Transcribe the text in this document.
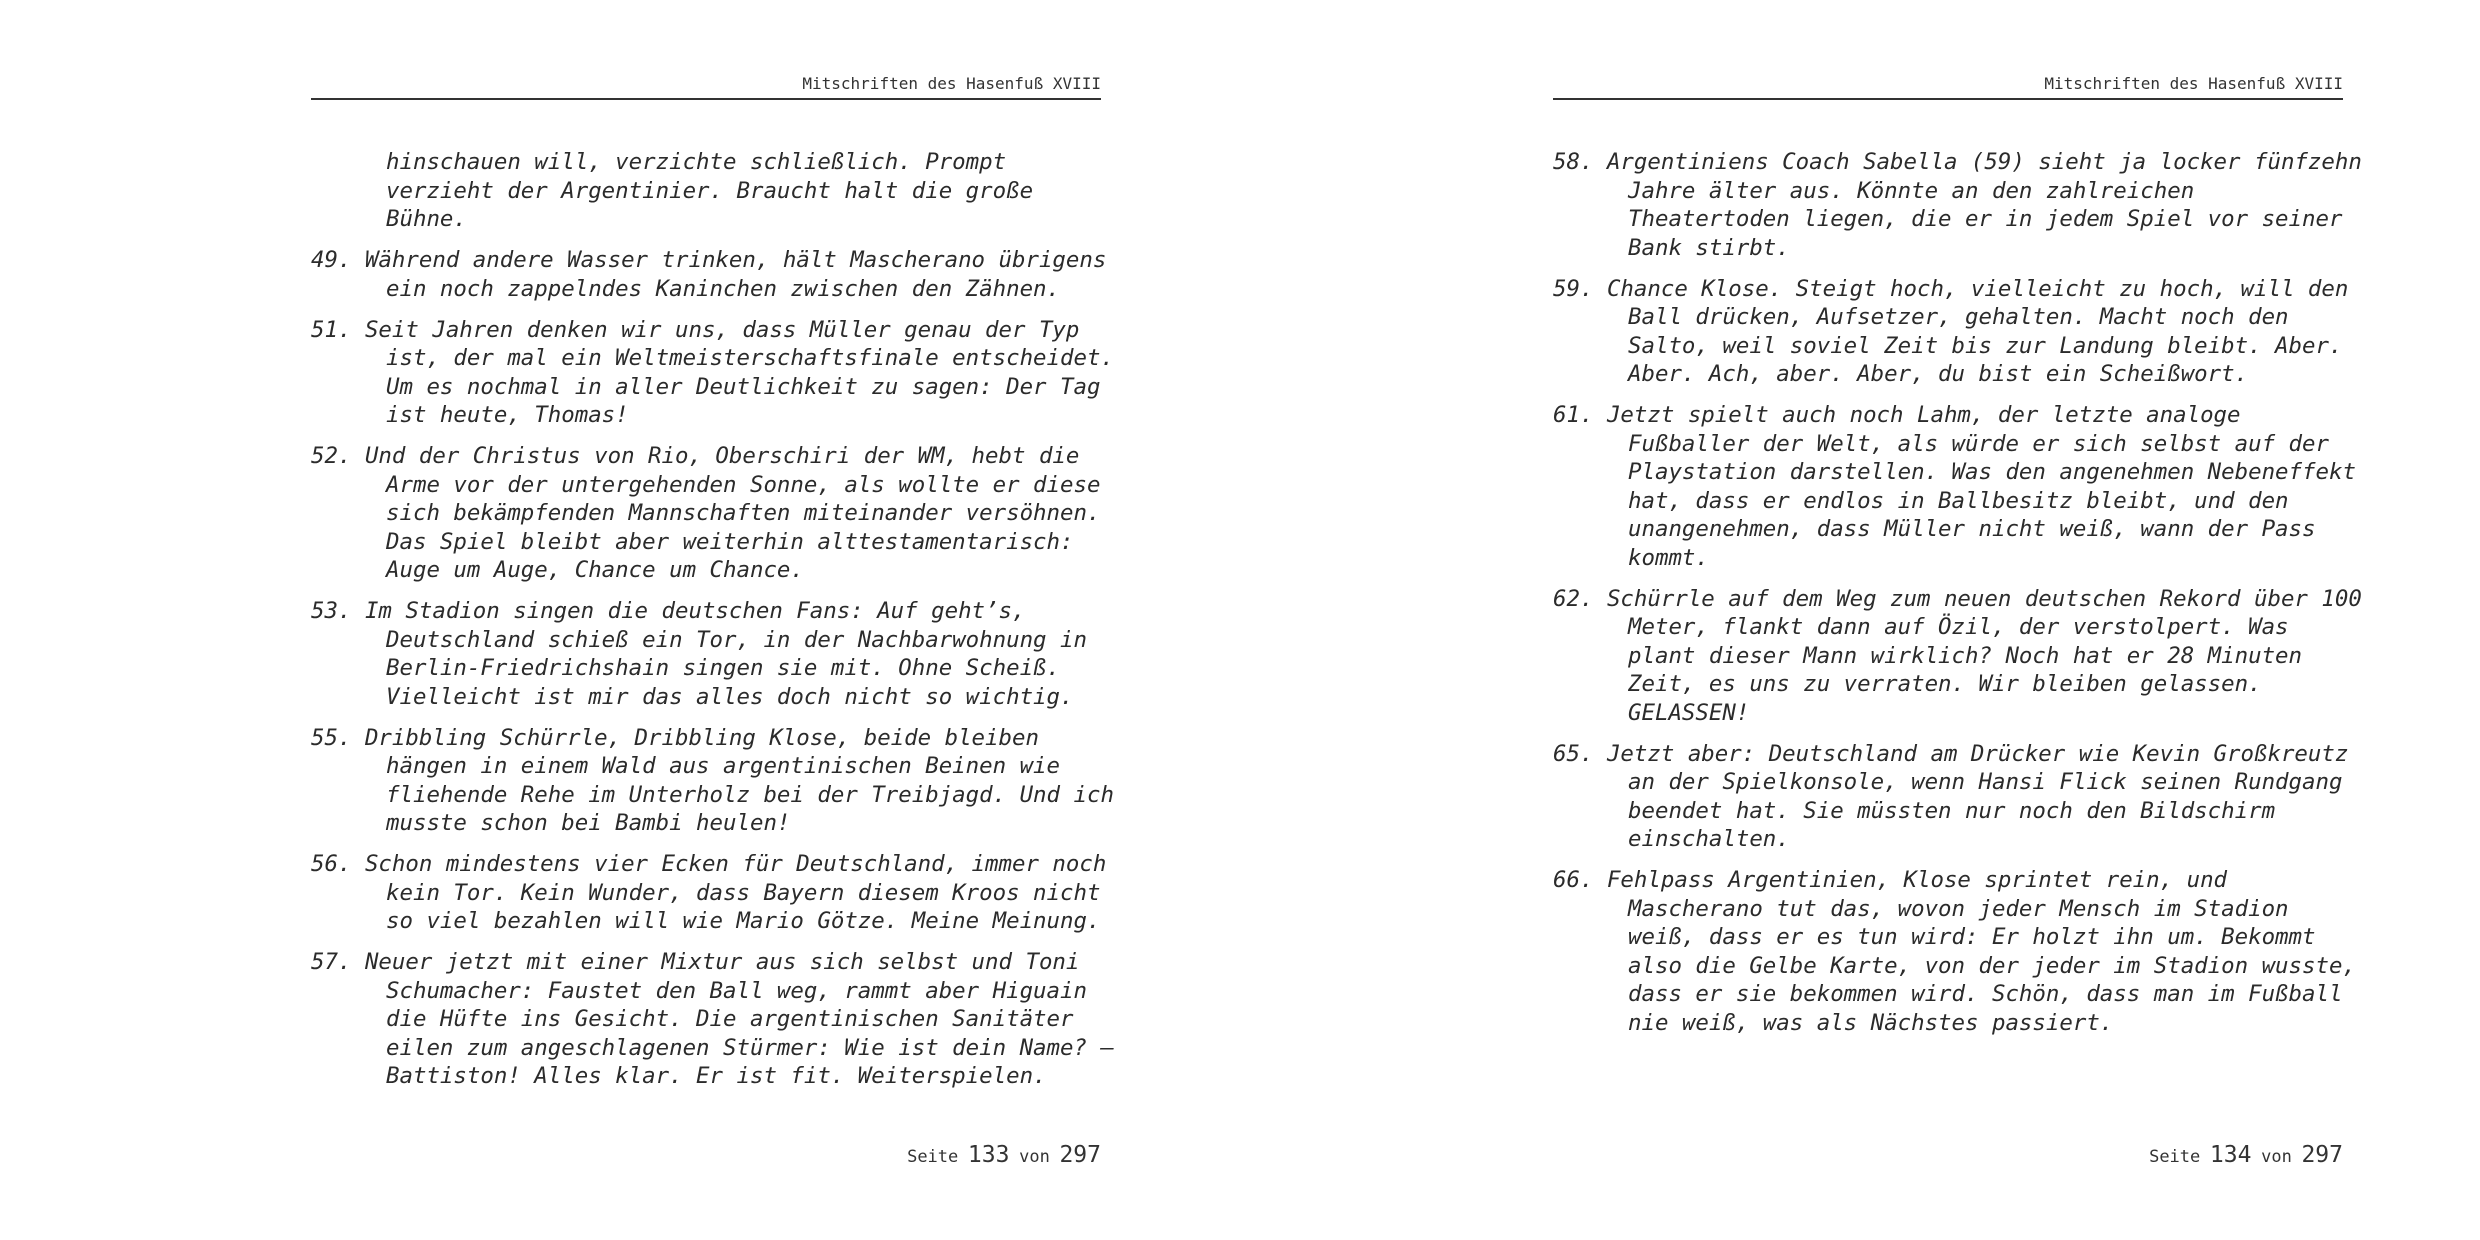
Mitschriften des Hasenfuß XVIII
hinschauen will, verzichte schließlich. Prompt
verzieht der Argentinier. Braucht halt die große
Bühne.
49. Während andere Wasser trinken, hält Mascherano übrigens
ein noch zappelndes Kaninchen zwischen den Zähnen.
51. Seit Jahren denken wir uns, dass Müller genau der Typ
ist, der mal ein Weltmeisterschaftsfinale entscheidet.
Um es nochmal in aller Deutlichkeit zu sagen: Der Tag
ist heute, Thomas!
52. Und der Christus von Rio, Oberschiri der WM, hebt die
Arme vor der untergehenden Sonne, als wollte er diese
sich bekämpfenden Mannschaften miteinander versöhnen.
Das Spiel bleibt aber weiterhin alttestamentarisch:
Auge um Auge, Chance um Chance.
53. Im Stadion singen die deutschen Fans: Auf geht’s,
Deutschland schieß ein Tor, in der Nachbarwohnung in
Berlin-Friedrichshain singen sie mit. Ohne Scheiß.
Vielleicht ist mir das alles doch nicht so wichtig.
55. Dribbling Schürrle, Dribbling Klose, beide bleiben
hängen in einem Wald aus argentinischen Beinen wie
fliehende Rehe im Unterholz bei der Treibjagd. Und ich
musste schon bei Bambi heulen!
56. Schon mindestens vier Ecken für Deutschland, immer noch
kein Tor. Kein Wunder, dass Bayern diesem Kroos nicht
so viel bezahlen will wie Mario Götze. Meine Meinung.
57. Neuer jetzt mit einer Mixtur aus sich selbst und Toni
Schumacher: Faustet den Ball weg, rammt aber Higuain
die Hüfte ins Gesicht. Die argentinischen Sanitäter
eilen zum angeschlagenen Stürmer: Wie ist dein Name? –
Battiston! Alles klar. Er ist fit. Weiterspielen.
Seite 133 von 297
Mitschriften des Hasenfuß XVIII
58. Argentiniens Coach Sabella (59) sieht ja locker fünfzehn
Jahre älter aus. Könnte an den zahlreichen
Theatertoden liegen, die er in jedem Spiel vor seiner
Bank stirbt.
59. Chance Klose. Steigt hoch, vielleicht zu hoch, will den
Ball drücken, Aufsetzer, gehalten. Macht noch den
Salto, weil soviel Zeit bis zur Landung bleibt. Aber.
Aber. Ach, aber. Aber, du bist ein Scheißwort.
61. Jetzt spielt auch noch Lahm, der letzte analoge
Fußballer der Welt, als würde er sich selbst auf der
Playstation darstellen. Was den angenehmen Nebeneffekt
hat, dass er endlos in Ballbesitz bleibt, und den
unangenehmen, dass Müller nicht weiß, wann der Pass
kommt.
62. Schürrle auf dem Weg zum neuen deutschen Rekord über 100
Meter, flankt dann auf Özil, der verstolpert. Was
plant dieser Mann wirklich? Noch hat er 28 Minuten
Zeit, es uns zu verraten. Wir bleiben gelassen.
GELASSEN!
65. Jetzt aber: Deutschland am Drücker wie Kevin Großkreutz
an der Spielkonsole, wenn Hansi Flick seinen Rundgang
beendet hat. Sie müssten nur noch den Bildschirm
einschalten.
66. Fehlpass Argentinien, Klose sprintet rein, und
Mascherano tut das, wovon jeder Mensch im Stadion
weiß, dass er es tun wird: Er holzt ihn um. Bekommt
also die Gelbe Karte, von der jeder im Stadion wusste,
dass er sie bekommen wird. Schön, dass man im Fußball
nie weiß, was als Nächstes passiert.
Seite 134 von 297
